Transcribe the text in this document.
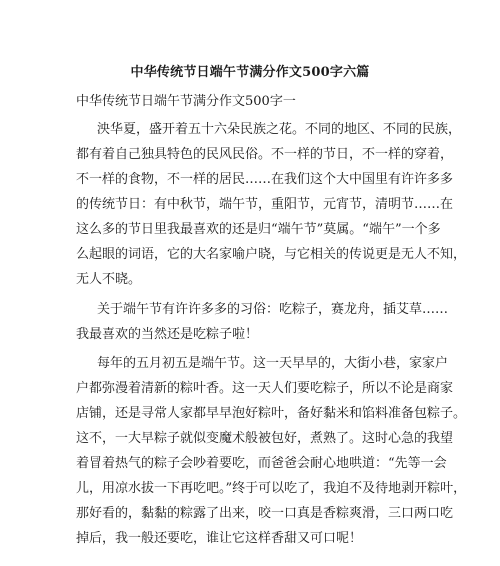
中华传统节日端午节满分作文500字六篇
中华传统节日端午节满分作文500字一
泱华夏，盛开着五十六朵民族之花。不同的地区、不同的民族，
都有着自己独具特色的民风民俗。不一样的节日，不一样的穿着，
不一样的食物，不一样的居民……在我们这个大中国里有许许多多
的传统节日：有中秋节，端午节，重阳节，元宵节，清明节……在
这么多的节日里我最喜欢的还是归“端午节”莫属。“端午”一个多
么起眼的词语，它的大名家喻户晓，与它相关的传说更是无人不知，
无人不晓。
关于端午节有许许多多的习俗：吃粽子，赛龙舟，插艾草……
我最喜欢的当然还是吃粽子啦！
每年的五月初五是端午节。这一天早早的，大街小巷，家家户
户都弥漫着清新的粽叶香。这一天人们要吃粽子，所以不论是商家
店铺，还是寻常人家都早早泡好粽叶，备好黏米和馅料准备包粽子。
这不，一大早粽子就似变魔术般被包好，煮熟了。这时心急的我望
着冒着热气的粽子会吵着要吃，而爸爸会耐心地哄道：“先等一会
儿，用凉水拔一下再吃吧。”终于可以吃了，我迫不及待地剥开粽叶，
那好看的，黏黏的粽露了出来，咬一口真是香粽爽滑，三口两口吃
掉后，我一般还要吃，谁让它这样香甜又可口呢！
